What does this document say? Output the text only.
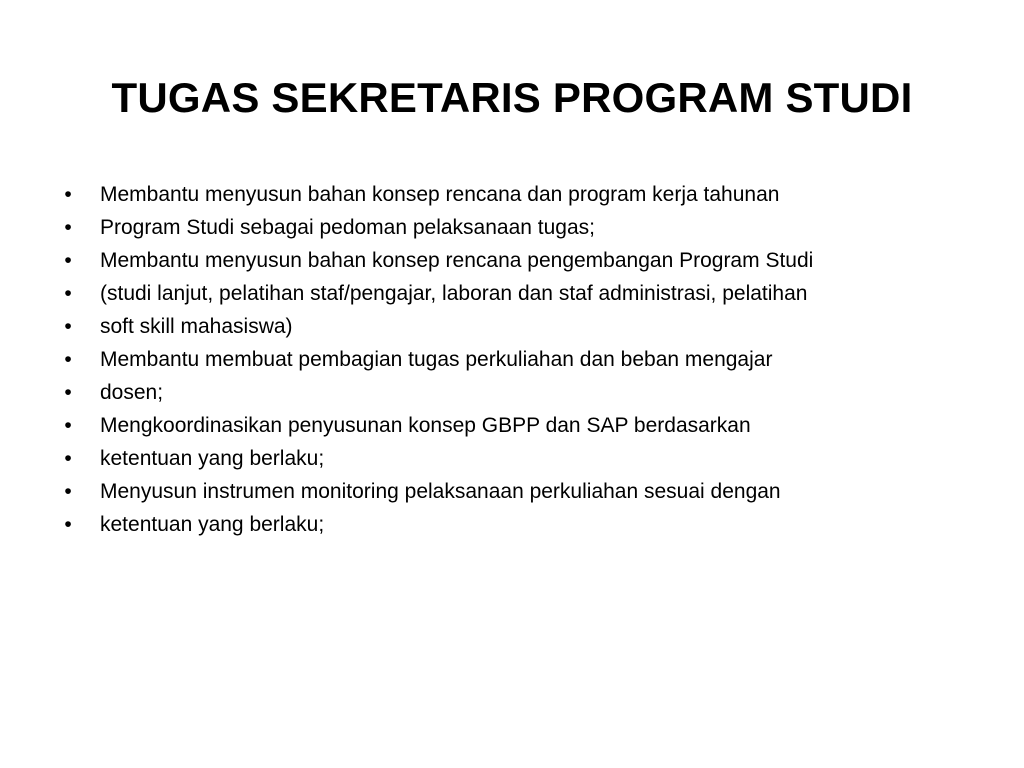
TUGAS SEKRETARIS PROGRAM STUDI
•	Membantu menyusun bahan konsep rencana dan program kerja tahunan
•	Program Studi sebagai pedoman pelaksanaan tugas;
•	Membantu menyusun bahan konsep rencana pengembangan Program Studi
•	(studi lanjut, pelatihan staf/pengajar, laboran dan staf administrasi, pelatihan
•	soft skill mahasiswa)
•	Membantu membuat pembagian tugas perkuliahan dan beban mengajar
•	dosen;
•	Mengkoordinasikan penyusunan konsep GBPP dan SAP berdasarkan
•	ketentuan yang berlaku;
•	Menyusun instrumen monitoring pelaksanaan perkuliahan sesuai dengan
•	ketentuan yang berlaku;
